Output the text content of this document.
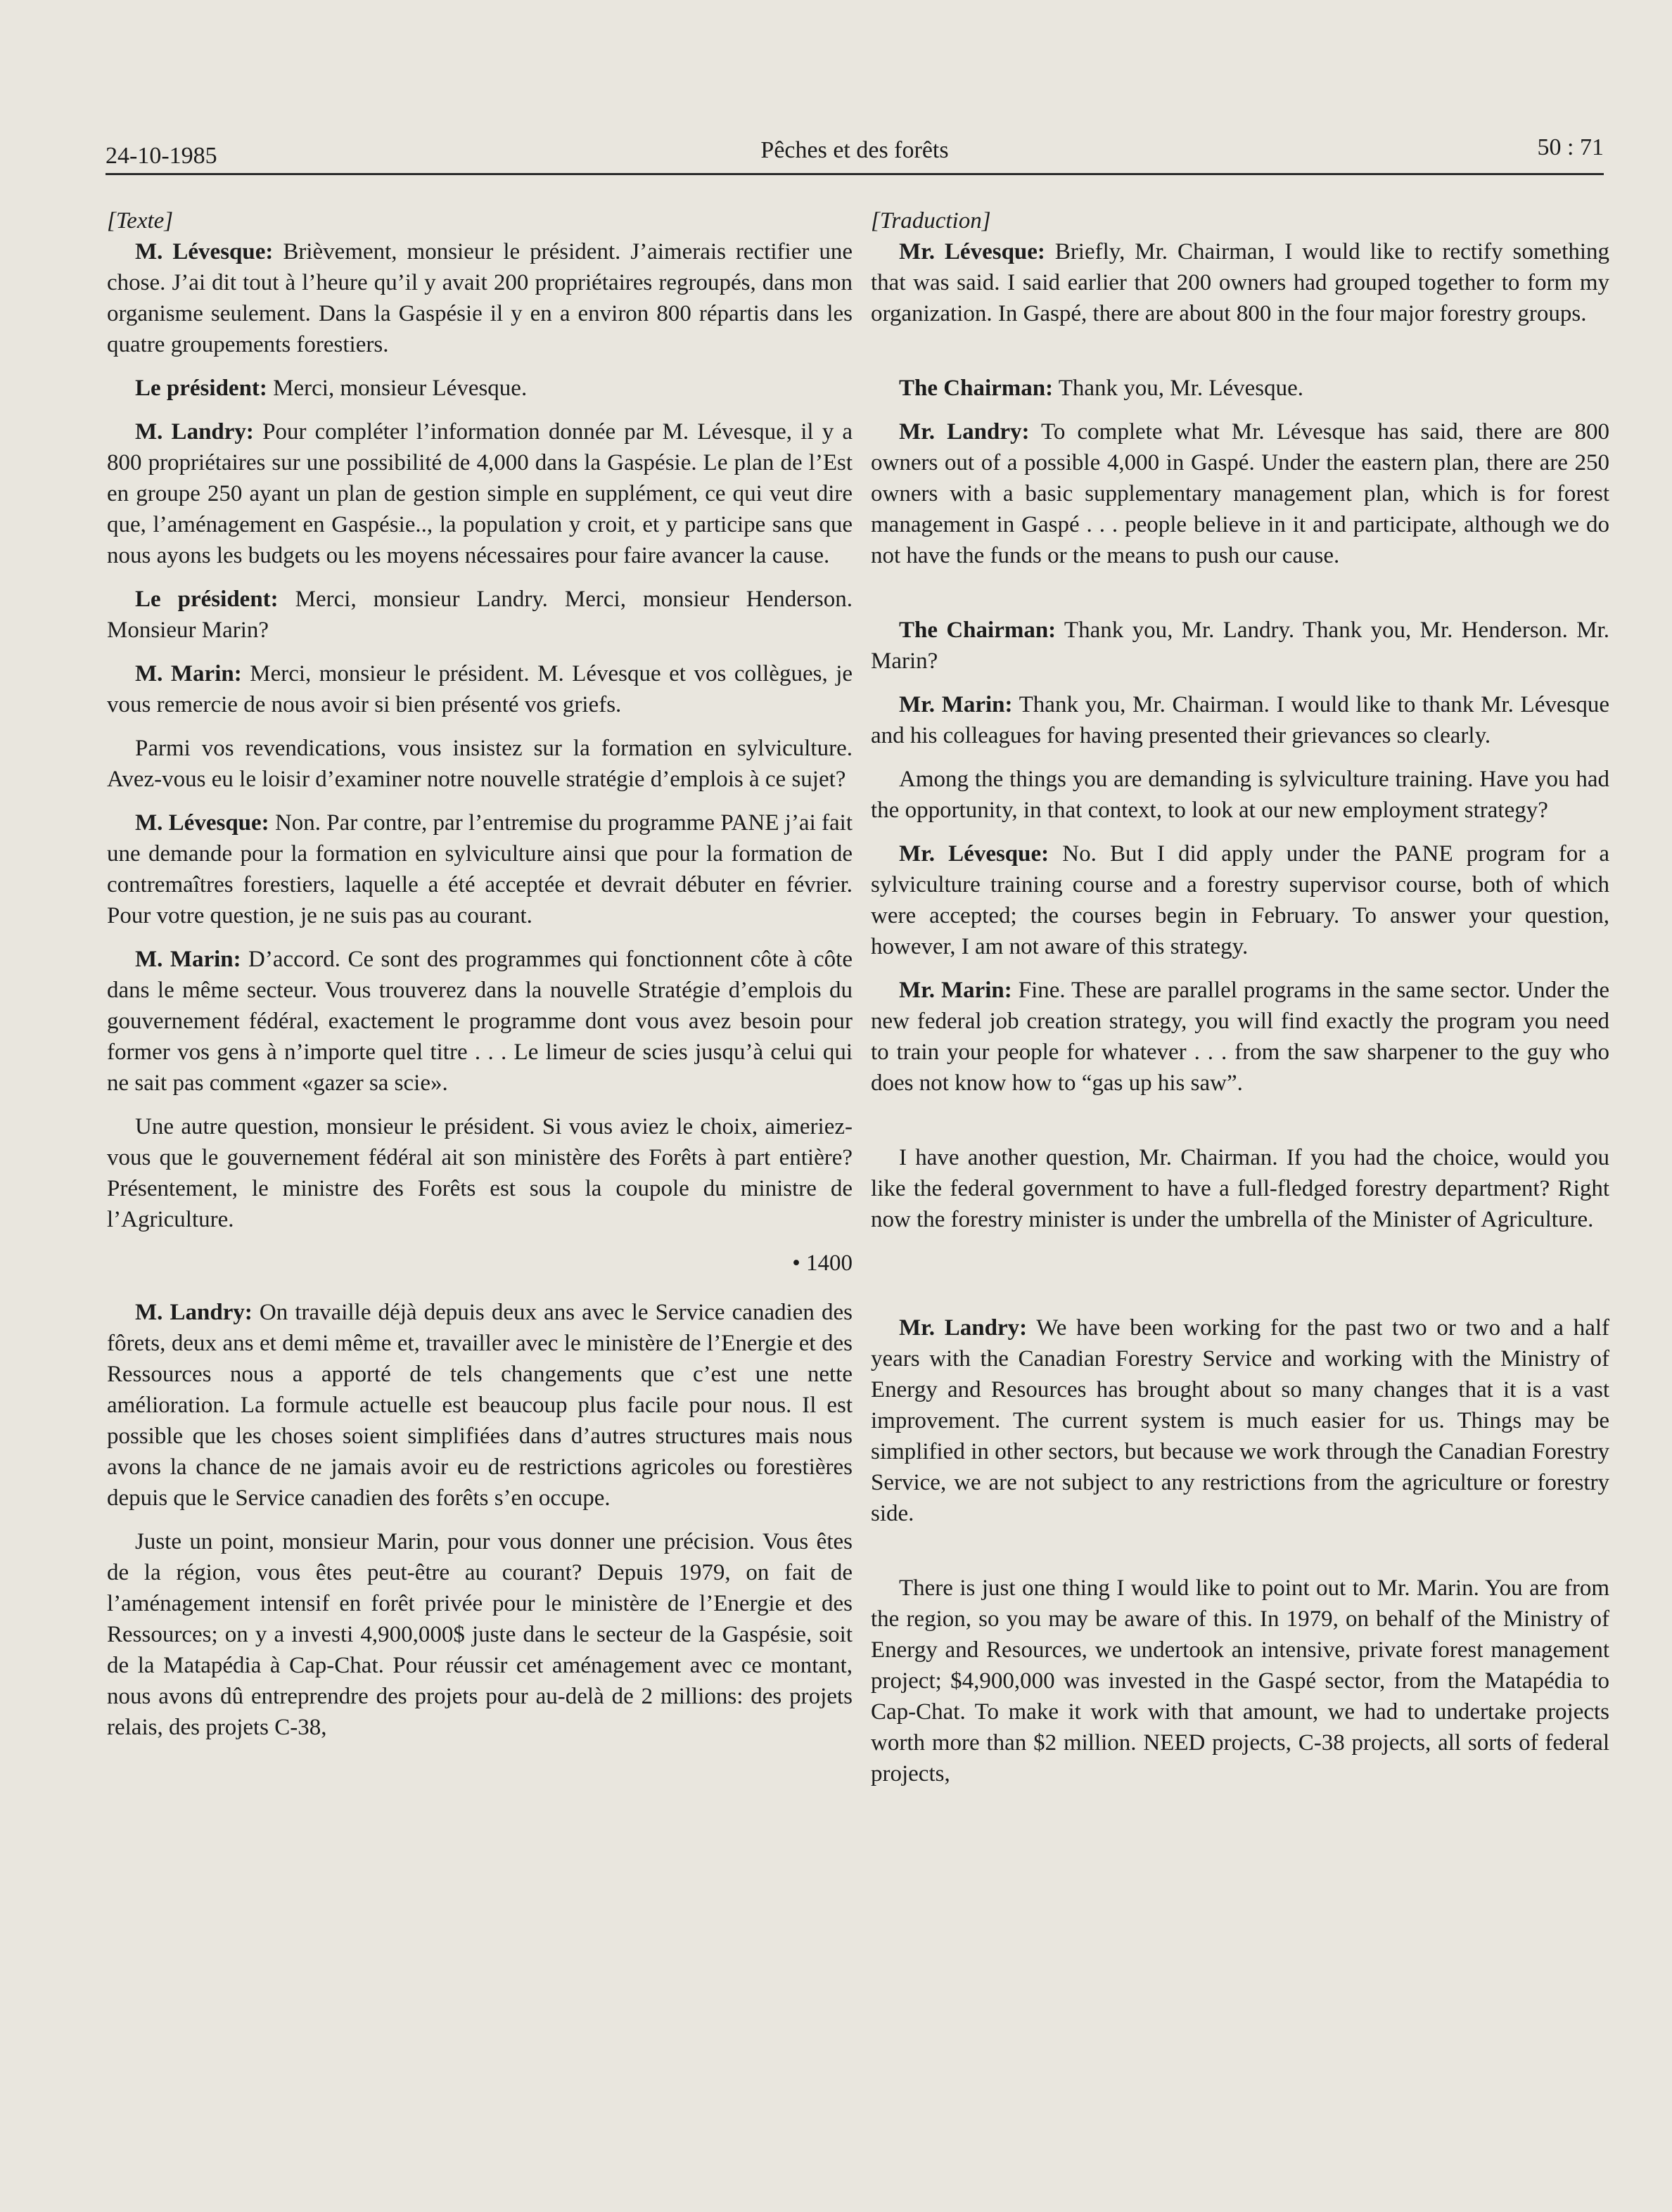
24-10-1985	Pêches et des forêts	50 : 71

[Texte]

M. Lévesque: Brièvement, monsieur le président. J’aimerais rectifier une chose. J’ai dit tout à l’heure qu’il y avait 200 propriétaires regroupés, dans mon organisme seulement. Dans la Gaspésie il y en a environ 800 répartis dans les quatre groupements forestiers.

Le président: Merci, monsieur Lévesque.

M. Landry: Pour compléter l’information donnée par M. Lévesque, il y a 800 propriétaires sur une possibilité de 4,000 dans la Gaspésie. Le plan de l’Est en groupe 250 ayant un plan de gestion simple en supplément, ce qui veut dire que, l’aménagement en Gaspésie.., la population y croit, et y participe sans que nous ayons les budgets ou les moyens nécessaires pour faire avancer la cause.

Le président: Merci, monsieur Landry. Merci, monsieur Henderson. Monsieur Marin?

M. Marin: Merci, monsieur le président. M. Lévesque et vos collègues, je vous remercie de nous avoir si bien présenté vos griefs.

Parmi vos revendications, vous insistez sur la formation en sylviculture. Avez-vous eu le loisir d’examiner notre nouvelle stratégie d’emplois à ce sujet?

M. Lévesque: Non. Par contre, par l’entremise du programme PANE j’ai fait une demande pour la formation en sylviculture ainsi que pour la formation de contremaîtres forestiers, laquelle a été acceptée et devrait débuter en février. Pour votre question, je ne suis pas au courant.

M. Marin: D’accord. Ce sont des programmes qui fonctionnent côte à côte dans le même secteur. Vous trouverez dans la nouvelle Stratégie d’emplois du gouvernement fédéral, exactement le programme dont vous avez besoin pour former vos gens à n’importe quel titre . . . Le limeur de scies jusqu’à celui qui ne sait pas comment «gazer sa scie».

Une autre question, monsieur le président. Si vous aviez le choix, aimeriez-vous que le gouvernement fédéral ait son ministère des Forêts à part entière? Présentement, le ministre des Forêts est sous la coupole du ministre de l’Agriculture.

• 1400

M. Landry: On travaille déjà depuis deux ans avec le Service canadien des fôrets, deux ans et demi même et, travailler avec le ministère de l’Energie et des Ressources nous a apporté de tels changements que c’est une nette amélioration. La formule actuelle est beaucoup plus facile pour nous. Il est possible que les choses soient simplifiées dans d’autres structures mais nous avons la chance de ne jamais avoir eu de restrictions agricoles ou forestières depuis que le Service canadien des forêts s’en occupe.

Juste un point, monsieur Marin, pour vous donner une précision. Vous êtes de la région, vous êtes peut-être au courant? Depuis 1979, on fait de l’aménagement intensif en forêt privée pour le ministère de l’Energie et des Ressources; on y a investi 4,900,000$ juste dans le secteur de la Gaspésie, soit de la Matapédia à Cap-Chat. Pour réussir cet aménagement avec ce montant, nous avons dû entreprendre des projets pour au-delà de 2 millions: des projets relais, des projets C-38,

[Traduction]

Mr. Lévesque: Briefly, Mr. Chairman, I would like to rectify something that was said. I said earlier that 200 owners had grouped together to form my organization. In Gaspé, there are about 800 in the four major forestry groups.

The Chairman: Thank you, Mr. Lévesque.

Mr. Landry: To complete what Mr. Lévesque has said, there are 800 owners out of a possible 4,000 in Gaspé. Under the eastern plan, there are 250 owners with a basic supplementary management plan, which is for forest management in Gaspé . . . people believe in it and participate, although we do not have the funds or the means to push our cause.

The Chairman: Thank you, Mr. Landry. Thank you, Mr. Henderson. Mr. Marin?

Mr. Marin: Thank you, Mr. Chairman. I would like to thank Mr. Lévesque and his colleagues for having presented their grievances so clearly.

Among the things you are demanding is sylviculture training. Have you had the opportunity, in that context, to look at our new employment strategy?

Mr. Lévesque: No. But I did apply under the PANE program for a sylviculture training course and a forestry supervisor course, both of which were accepted; the courses begin in February. To answer your question, however, I am not aware of this strategy.

Mr. Marin: Fine. These are parallel programs in the same sector. Under the new federal job creation strategy, you will find exactly the program you need to train your people for whatever . . . from the saw sharpener to the guy who does not know how to “gas up his saw”.

I have another question, Mr. Chairman. If you had the choice, would you like the federal government to have a full-fledged forestry department? Right now the forestry minister is under the umbrella of the Minister of Agriculture.

Mr. Landry: We have been working for the past two or two and a half years with the Canadian Forestry Service and working with the Ministry of Energy and Resources has brought about so many changes that it is a vast improvement. The current system is much easier for us. Things may be simplified in other sectors, but because we work through the Canadian Forestry Service, we are not subject to any restrictions from the agriculture or forestry side.

There is just one thing I would like to point out to Mr. Marin. You are from the region, so you may be aware of this. In 1979, on behalf of the Ministry of Energy and Resources, we undertook an intensive, private forest management project; $4,900,000 was invested in the Gaspé sector, from the Matapédia to Cap-Chat. To make it work with that amount, we had to undertake projects worth more than $2 million. NEED projects, C-38 projects, all sorts of federal projects,
